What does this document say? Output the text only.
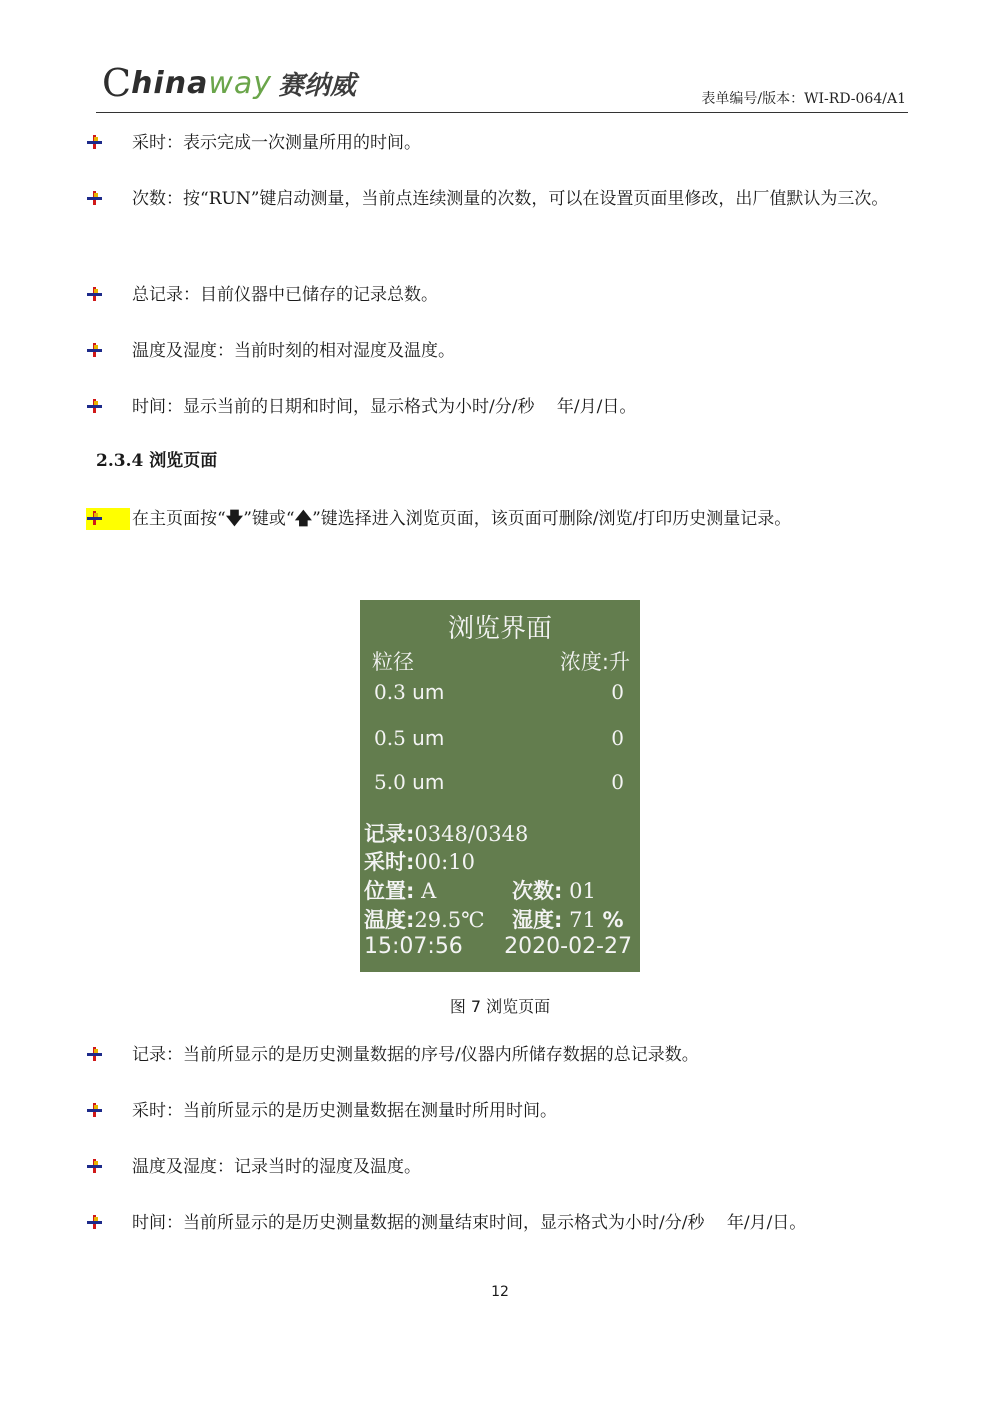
C hinaway 赛纳威	表单编号/版本：WI-RD-064/A1
采时：表示完成一次测量所用的时间。
次数：按“RUN”键启动测量，当前点连续测量的次数，可以在设置页面里修改，出厂值默认为三次。
总记录：目前仪器中已储存的记录总数。
温度及湿度：当前时刻的相对湿度及温度。
时间：显示当前的日期和时间，显示格式为小时/分/秒　 年/月/日。
2.3.4 浏览页面
在主页面按“🡇”键或“🡅”键选择进入浏览页面，该页面可删除/浏览/打印历史测量记录。
浏览界面
粒径	浓度:升
0.3 um	0
0.5 um	0
5.0 um	0
记录:0348/0348
采时:00:10
位置: A	次数: 01
温度:29.5℃ 湿度: 71 %
15:07:56 2020-02-27
图 7 浏览页面
记录：当前所显示的是历史测量数据的序号/仪器内所储存数据的总记录数。
采时：当前所显示的是历史测量数据在测量时所用时间。
温度及湿度：记录当时的湿度及温度。
时间：当前所显示的是历史测量数据的测量结束时间，显示格式为小时/分/秒　 年/月/日。
12
